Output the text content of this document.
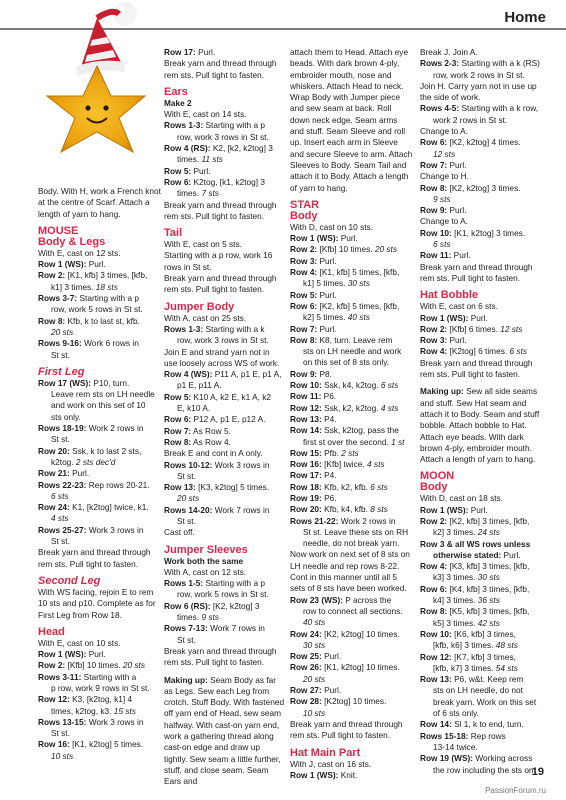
Home

Body. With H, work a French knot at the centre of Scarf. Attach a length of yarn to hang.

MOUSE
Body & Legs
With E, cast on 12 sts.
Row 1 (WS): Purl.
Row 2: [K1, kfb] 3 times, [kfb,
k1] 3 times. 18 sts
Rows 3-7: Starting with a p
row, work 5 rows in St st.
Row 8: Kfb, k to last st, kfb.
20 sts
Rows 9-16: Work 6 rows in
St st.
First Leg
Row 17 (WS): P10, turn.
Leave rem sts on LH needle
and work on this set of 10
sts only.
Rows 18-19: Work 2 rows in
St st.
Row 20: Ssk, k to last 2 sts,
k2tog. 2 sts dec'd
Row 21: Purl.
Rows 22-23: Rep rows 20-21.
6 sts
Row 24: K1, [k2tog] twice, k1.
4 sts
Rows 25-27: Work 3 rows in
St st.

Break yarn and thread through rem sts. Pull tight to fasten.

Second Leg

With WS facing, rejoin E to rem 10 sts and p10. Complete as for First Leg from Row 18.

Head
With E, cast on 10 sts.
Row 1 (WS): Purl.
Row 2: [Kfb] 10 times. 20 sts
Rows 3-11: Starting with a
p row, work 9 rows in St st.
Row 12: K3, [k2tog, k1] 4
times, k2tog, k3. 15 sts
Rows 13-15: Work 3 rows in
St st.
Row 16: [K1, k2tog] 5 times.
10 sts
Row 17: Purl.

Break yarn and thread through rem sts. Pull tight to fasten.

Ears
Make 2
With E, cast on 14 sts.
Rows 1-3: Starting with a p
row, work 3 rows in St st.
Row 4 (RS): K2, [k2, k2tog] 3
times. 11 sts
Row 5: Purl.
Row 6: K2tog, [k1, k2tog] 3
times. 7 sts

Break yarn and thread through rem sts. Pull tight to fasten.

Tail
With E, cast on 5 sts.

Starting with a p row, work 16 rows in St st.

Break yarn and thread through rem sts. Pull tight to fasten.

Jumper Body
With A, cast on 25 sts.
Rows 1-3: Starting with a k
row, work 3 rows in St st.

Join E and strand yarn not in use loosely across WS of work.

Row 4 (WS): P11 A, p1 E, p1 A,
p1 E, p11 A.
Row 5: K10 A, k2 E, k1 A, k2
E, k10 A.
Row 6: P12 A, p1 E, p12 A.
Row 7: As Row 5.
Row 8: As Row 4.
Break E and cont in A only.
Rows 10-12: Work 3 rows in
St st.
Row 13: [K3, k2tog] 5 times.
20 sts
Rows 14-20: Work 7 rows in
St st.
Cast off.
Jumper Sleeves
Work both the same
With A, cast on 12 sts.
Rows 1-5: Starting with a p
row, work 5 rows in St st.
Row 6 (RS): [K2, k2tog] 3
times. 9 sts
Rows 7-13: Work 7 rows in
St st.

Break yarn and thread through rem sts. Pull tight to fasten.

Making up: Seam Body as far as Legs. Sew each Leg from crotch. Stuff Body. With fastened off yarn end of Head, sew seam halfway. With cast-on yarn end, work a gathering thread along cast-on edge and draw up tightly. Sew seam a little further, stuff, and close seam. Seam Ears and

attach them to Head. Attach eye beads. With dark brown 4-ply, embroider mouth, nose and whiskers. Attach Head to neck. Wrap Body with Jumper piece and sew seam at back. Roll down neck edge. Seam arms and stuff. Seam Sleeve and roll up. Insert each arm in Sleeve and secure Sleeve to arm. Attach Sleeves to Body. Seam Tail and attach it to Body. Attach a length of yarn to hang.

STAR
Body
With D, cast on 10 sts.
Row 1 (WS): Purl.
Row 2: [Kfb] 10 times. 20 sts
Row 3: Purl.
Row 4: [K1, kfb] 5 times, [kfb,
k1] 5 times. 30 sts
Row 5: Purl.
Row 6: [K2, kfb] 5 times, [kfb,
k2] 5 times. 40 sts
Row 7: Purl.
Row 8: K8, turn. Leave rem
sts on LH needle and work
on this set of 8 sts only.
Row 9: P8.
Row 10: Ssk, k4, k2tog. 6 sts
Row 11: P6.
Row 12: Ssk, k2, k2tog. 4 sts
Row 13: P4.
Row 14: Ssk, k2tog, pass the
first st over the second. 1 st
Row 15: Pfb. 2 sts
Row 16: [Kfb] twice. 4 sts
Row 17: P4.
Row 18: Kfb, k2, kfb. 6 sts
Row 19: P6.
Row 20: Kfb, k4, kfb. 8 sts
Rows 21-22: Work 2 rows in
St st. Leave these sts on RH
needle, do not break yarn.

Now work on next set of 8 sts on LH needle and rep rows 8-22.

Cont in this manner until all 5 sets of 8 sts have been worked.

Row 23 (WS): P across the
row to connect all sections.
40 sts
Row 24: [K2, k2tog] 10 times.
30 sts
Row 25: Purl.
Row 26: [K1, k2tog] 10 times.
20 sts
Row 27: Purl.
Row 28: [K2tog] 10 times.
10 sts

Break yarn and thread through rem sts. Pull tight to fasten.

Hat Main Part
With J, cast on 16 sts.
Row 1 (WS): Knit.
Break J. Join A.
Rows 2-3: Starting with a k (RS)
row, work 2 rows in St st.

Join H. Carry yarn not in use up the side of work.

Rows 4-5: Starting with a k row,
work 2 rows in St st.
Change to A.
Row 6: [K2, k2tog] 4 times.
12 sts
Row 7: Purl.
Change to H.
Row 8: [K2, k2tog] 3 times.
9 sts
Row 9: Purl.
Change to A.
Row 10: [K1, k2tog] 3 times.
6 sts
Row 11: Purl.

Break yarn and thread through rem sts. Pull tight to fasten.

Hat Bobble
With E, cast on 6 sts.
Row 1 (WS): Purl.
Row 2: [Kfb] 6 times. 12 sts
Row 3: Purl.
Row 4: [K2tog] 6 times. 6 sts

Break yarn and thread through rem sts. Pull tight to fasten.

Making up: Sew all side seams and stuff. Sew Hat seam and attach it to Body. Seam and stuff bobble. Attach bobble to Hat. Attach eye beads. With dark brown 4-ply, embroider mouth. Attach a length of yarn to hang.

MOON
Body
With D, cast on 18 sts.
Row 1 (WS): Purl.
Row 2: [K2, kfb] 3 times, [kfb,
k2] 3 times. 24 sts
Row 3 & all WS rows unless
otherwise stated: Purl.
Row 4: [K3, kfb] 3 times, [kfb,
k3] 3 times. 30 sts
Row 6: [K4, kfb] 3 times, [kfb,
k4] 3 times. 36 sts
Row 8: [K5, kfb] 3 times, [kfb,
k5] 3 times. 42 sts
Row 10: [K6, kfb] 3 times,
[kfb, k6] 3 times. 48 sts
Row 12: [K7, kfb] 3 times,
[kfb, k7] 3 times. 54 sts
Row 13: P6, w&t. Keep rem
sts on LH needle, do not
break yarn. Work on this set
of 6 sts only.
Row 14: Sl 1, k to end, turn.
Rows 15-18: Rep rows
13-14 twice.
Row 19 (WS): Working across
the row including the sts on
19
PassionForum.ru
